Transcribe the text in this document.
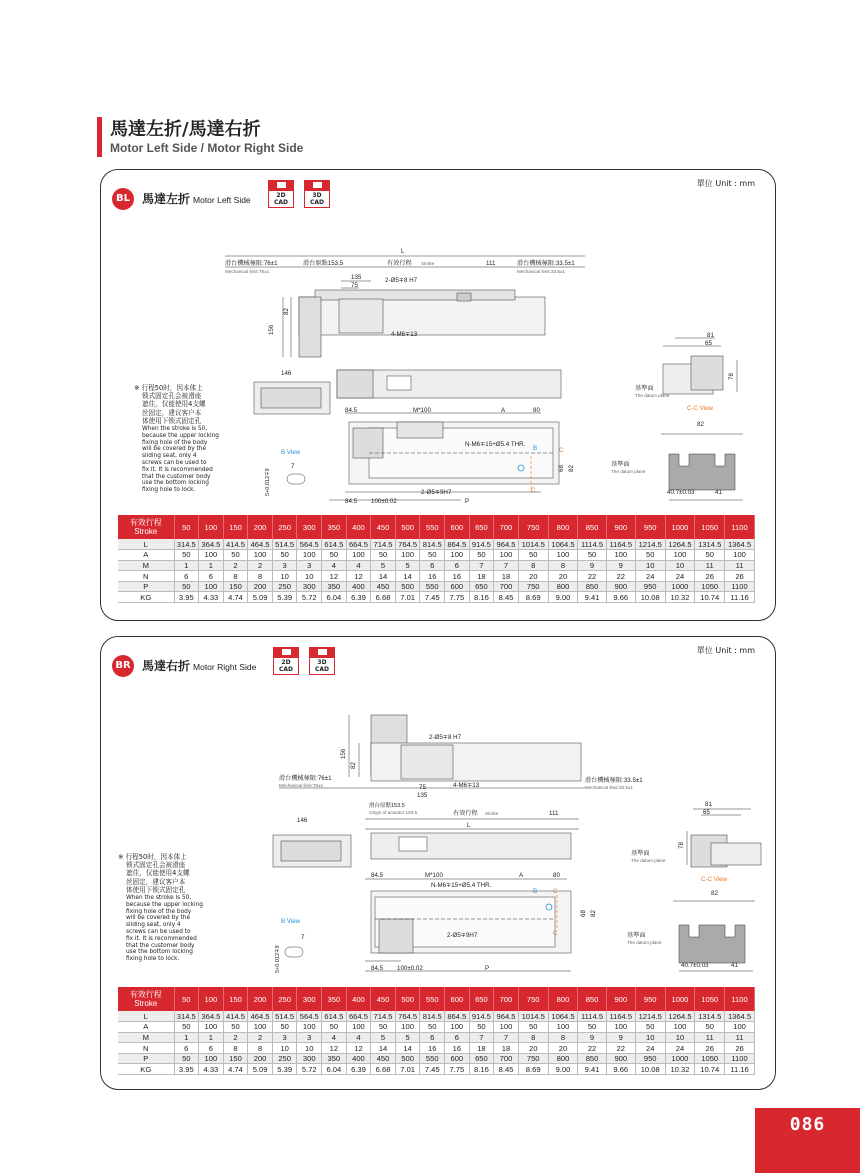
馬達左折/馬達右折
Motor Left Side / Motor Right Side
單位 Unit : mm
BL	馬達左折 Motor Left Side	2D
CAD
3D
CAD
※ 行程50时，因本体上
锁式固定孔会被滑座
遮住，仅能使用4支螺
丝固定，建议客户本
体使用下锁式固定孔
When the stroke is 50,
because the upper locking
fixing hole of the body
will be covered by the
sliding seat, only 4
screws can be used to
fix it. It is recommended
that the customer body
use the bottom locking
fixing hole to lock.
L
滑台機械極限:76±1
Mechanical limit:76±1
滑台原點153.5	有效行程 Stroke	111	滑台機械極限:33.5±1
Mechanical limit:33.5±1
135
75
2-Ø5∓8 H7
82
156	4-M6∓13
146
84.5	M*100	A	80
N-M6∓15+Ø5.4 THR.
B	C
C
68 82
2-Ø5∓9H7
84.5 100±0.02	P
B View
5+0.012∓9
7
81
65
78
基準面
The datum plane
C-C View
82
基準面
The datum plane
40.7±0.03	41
有效行程
Stroke	50	100	150	200	250	300	350	400	450	500	550	600	650	700	750	800	850	900	950	1000	1050	1100
L	314.5	364.5	414.5	464.5	514.5	564.5	614.5	664.5	714.5	764.5	814.5	864.5	914.5	964.5	1014.5	1064.5	1114.5	1164.5	1214.5	1264.5	1314.5	1364.5
A	50	100	50	100	50	100	50	100	50	100	50	100	50	100	50	100	50	100	50	100	50	100
M	1	1	2	2	3	3	4	4	5	5	6	6	7	7	8	8	9	9	10	10	11	11
N	6	6	8	8	10	10	12	12	14	14	16	16	18	18	20	20	22	22	24	24	26	26
P	50	100	150	200	250	300	350	400	450	500	550	600	650	700	750	800	850	900	950	1000	1050	1100
KG	3.95	4.33	4.74	5.09	5.39	5.72	6.04	6.39	6.68	7.01	7.45	7.75	8.16	8.45	8.69	9.00	9.41	9.66	10.08	10.32	10.74	11.16
單位 Unit : mm
BR 馬達右折 Motor Right Side	2D
CAD
3D
CAD
※ 行程50时，因本体上
锁式固定孔会被滑座
遮住，仅能使用4支螺
丝固定，建议客户本
体使用下锁式固定孔
When the stroke is 50,
because the upper locking
fixing hole of the body
will be covered by the
sliding seat, only 4
screws can be used to
fix it. It is recommended
that the customer body
use the bottom locking
fixing hole to lock.
2-Ø5∓8 H7
156
82
滑台機械極限:76±1
Mechanical limit:76±1	75
135
4-M6∓13
滑台機械極限:33.5±1
Mechanical limit:33.5±1
滑台原點153.5
Origin of actuator:153.5	有效行程 Stroke	111
L
146
84.5	M*100	A	80
N-M6∓15+Ø5.4 THR.
B	C
C
68 82
2-Ø5∓9H7
84.5 100±0.02	P
B View
5+0.012∓9
7
81
65
78
基準面
The datum plane
C-C View
82
基準面
The datum plane
40.7±0.03	41
有效行程
Stroke	50	100	150	200	250	300	350	400	450	500	550	600	650	700	750	800	850	900	950	1000	1050	1100
L	314.5	364.5	414.5	464.5	514.5	564.5	614.5	664.5	714.5	764.5	814.5	864.5	914.5	964.5	1014.5	1064.5	1114.5	1164.5	1214.5	1264.5	1314.5	1364.5
A	50	100	50	100	50	100	50	100	50	100	50	100	50	100	50	100	50	100	50	100	50	100
M	1	1	2	2	3	3	4	4	5	5	6	6	7	7	8	8	9	9	10	10	11	11
N	6	6	8	8	10	10	12	12	14	14	16	16	18	18	20	20	22	22	24	24	26	26
P	50	100	150	200	250	300	350	400	450	500	550	600	650	700	750	800	850	900	950	1000	1050	1100
KG	3.95	4.33	4.74	5.09	5.39	5.72	6.04	6.39	6.68	7.01	7.45	7.75	8.16	8.45	8.69	9.00	9.41	9.66	10.08	10.32	10.74	11.16
086
